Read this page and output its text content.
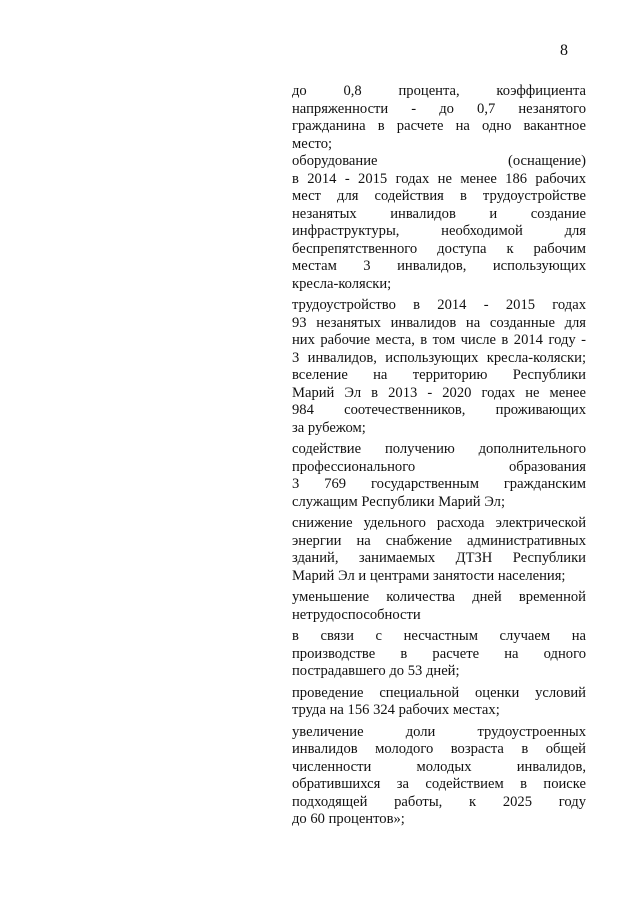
8
до 0,8 процента, коэффициента
напряженности - до 0,7 незанятого
гражданина в расчете на одно вакантное
место;
оборудование (оснащение)
в 2014 - 2015 годах не менее 186 рабочих
мест для содействия в трудоустройстве
незанятых инвалидов и создание
инфраструктуры, необходимой для
беспрепятственного доступа к рабочим
местам 3 инвалидов, использующих
кресла-коляски;
трудоустройство в 2014 - 2015 годах
93 незанятых инвалидов на созданные для
них рабочие места, в том числе в 2014 году -
3 инвалидов, использующих кресла-коляски;
вселение на территорию Республики
Марий Эл в 2013 - 2020 годах не менее
984 соотечественников, проживающих
за рубежом;
содействие получению дополнительного
профессионального образования
3 769 государственным гражданским
служащим Республики Марий Эл;
снижение удельного расхода электрической
энергии на снабжение административных
зданий, занимаемых ДТЗН Республики
Марий Эл и центрами занятости населения;
уменьшение количества дней временной
нетрудоспособности
в связи с несчастным случаем на
производстве в расчете на одного
пострадавшего до 53 дней;
проведение специальной оценки условий
труда на 156 324 рабочих местах;
увеличение доли трудоустроенных
инвалидов молодого возраста в общей
численности молодых инвалидов,
обратившихся за содействием в поиске
подходящей работы, к 2025 году
до 60 процентов»;
